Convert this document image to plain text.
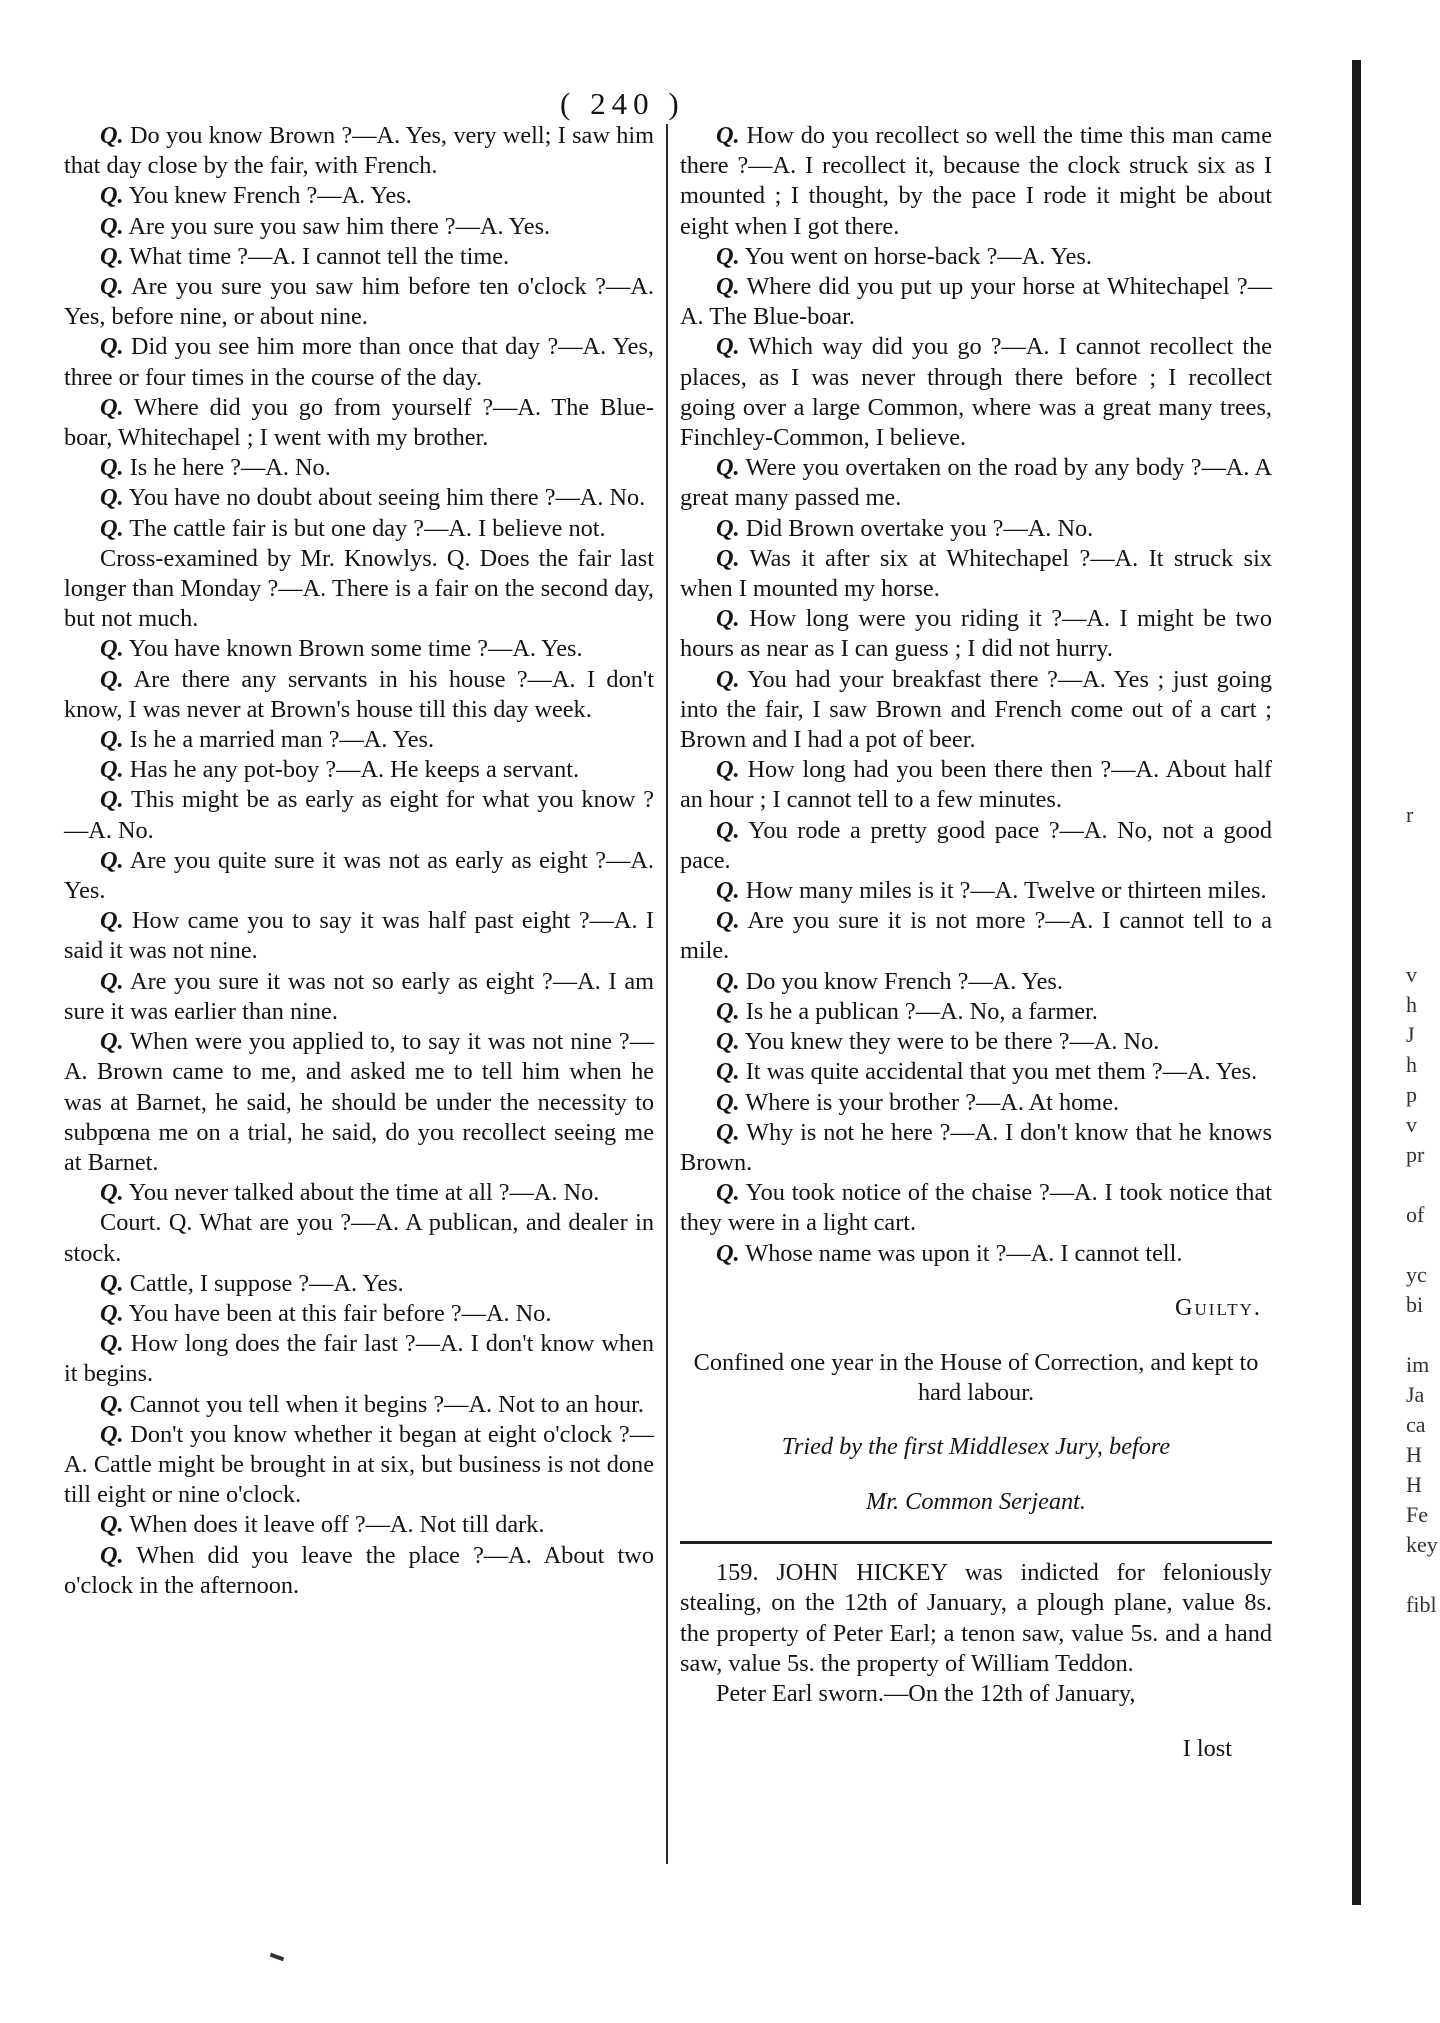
( 240 )

Q. Do you know Brown ?—A. Yes, very well; I saw him that day close by the fair, with French.

Q. You knew French ?—A. Yes.

Q. Are you sure you saw him there ?—A. Yes.

Q. What time ?—A. I cannot tell the time.

Q. Are you sure you saw him before ten o'clock ?—A. Yes, before nine, or about nine.

Q. Did you see him more than once that day ?—A. Yes, three or four times in the course of the day.

Q. Where did you go from yourself ?—A. The Blue-boar, Whitechapel ; I went with my brother.

Q. Is he here ?—A. No.

Q. You have no doubt about seeing him there ?—A. No.

Q. The cattle fair is but one day ?—A. I believe not.

Cross-examined by Mr. Knowlys. Q. Does the fair last longer than Monday ?—A. There is a fair on the second day, but not much.

Q. You have known Brown some time ?—A. Yes.

Q. Are there any servants in his house ?—A. I don't know, I was never at Brown's house till this day week.

Q. Is he a married man ?—A. Yes.

Q. Has he any pot-boy ?—A. He keeps a servant.

Q. This might be as early as eight for what you know ?—A. No.

Q. Are you quite sure it was not as early as eight ?—A. Yes.

Q. How came you to say it was half past eight ?—A. I said it was not nine.

Q. Are you sure it was not so early as eight ?—A. I am sure it was earlier than nine.

Q. When were you applied to, to say it was not nine ?—A. Brown came to me, and asked me to tell him when he was at Barnet, he said, he should be under the necessity to subpœna me on a trial, he said, do you recollect seeing me at Barnet.

Q. You never talked about the time at all ?—A. No.

Court. Q. What are you ?—A. A publican, and dealer in stock.

Q. Cattle, I suppose ?—A. Yes.

Q. You have been at this fair before ?—A. No.

Q. How long does the fair last ?—A. I don't know when it begins.

Q. Cannot you tell when it begins ?—A. Not to an hour.

Q. Don't you know whether it began at eight o'clock ?—A. Cattle might be brought in at six, but business is not done till eight or nine o'clock.

Q. When does it leave off ?—A. Not till dark.

Q. When did you leave the place ?—A. About two o'clock in the afternoon.

Q. How do you recollect so well the time this man came there ?—A. I recollect it, because the clock struck six as I mounted ; I thought, by the pace I rode it might be about eight when I got there.

Q. You went on horse-back ?—A. Yes.

Q. Where did you put up your horse at Whitechapel ?—A. The Blue-boar.

Q. Which way did you go ?—A. I cannot recollect the places, as I was never through there before ; I recollect going over a large Common, where was a great many trees, Finchley-Common, I believe.

Q. Were you overtaken on the road by any body ?—A. A great many passed me.

Q. Did Brown overtake you ?—A. No.

Q. Was it after six at Whitechapel ?—A. It struck six when I mounted my horse.

Q. How long were you riding it ?—A. I might be two hours as near as I can guess ; I did not hurry.

Q. You had your breakfast there ?—A. Yes ; just going into the fair, I saw Brown and French come out of a cart ; Brown and I had a pot of beer.

Q. How long had you been there then ?—A. About half an hour ; I cannot tell to a few minutes.

Q. You rode a pretty good pace ?—A. No, not a good pace.

Q. How many miles is it ?—A. Twelve or thirteen miles.

Q. Are you sure it is not more ?—A. I cannot tell to a mile.

Q. Do you know French ?—A. Yes.

Q. Is he a publican ?—A. No, a farmer.

Q. You knew they were to be there ?—A. No.

Q. It was quite accidental that you met them ?—A. Yes.

Q. Where is your brother ?—A. At home.

Q. Why is not he here ?—A. I don't know that he knows Brown.

Q. You took notice of the chaise ?—A. I took notice that they were in a light cart.

Q. Whose name was upon it ?—A. I cannot tell.

Guilty.

Confined one year in the House of Correction, and kept to hard labour.

Tried by the first Middlesex Jury, before

Mr. Common Serjeant.

159. JOHN HICKEY was indicted for feloniously stealing, on the 12th of January, a plough plane, value 8s. the property of Peter Earl; a tenon saw, value 5s. and a hand saw, value 5s. the property of William Teddon.

Peter Earl sworn.—On the 12th of January,

I lost

r
v
h
J
h
p
v
pr
of
yc
bi
im
Ja
ca
H
H
Fe
key
fibl
